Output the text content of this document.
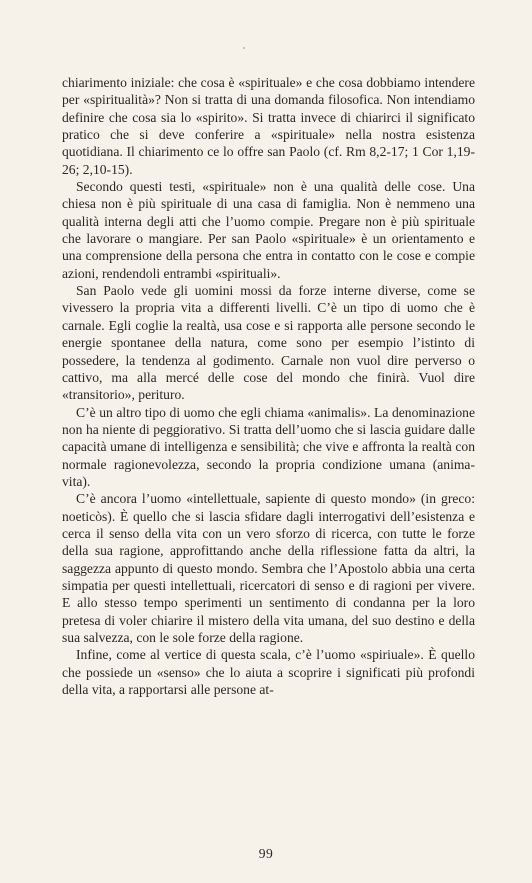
chiarimento iniziale: che cosa è «spirituale» e che cosa dobbiamo intendere per «spiritualità»? Non si tratta di una domanda filosofica. Non intendiamo definire che cosa sia lo «spirito». Si tratta invece di chiarirci il significato pratico che si deve conferire a «spirituale» nella nostra esistenza quotidiana. Il chiarimento ce lo offre san Paolo (cf. Rm 8,2-17; 1 Cor 1,19-26; 2,10-15).

Secondo questi testi, «spirituale» non è una qualità delle cose. Una chiesa non è più spirituale di una casa di famiglia. Non è nemmeno una qualità interna degli atti che l’uomo compie. Pregare non è più spirituale che lavorare o mangiare. Per san Paolo «spirituale» è un orientamento e una comprensione della persona che entra in contatto con le cose e compie azioni, rendendoli entrambi «spirituali».

San Paolo vede gli uomini mossi da forze interne diverse, come se vivessero la propria vita a differenti livelli. C’è un tipo di uomo che è carnale. Egli coglie la realtà, usa cose e si rapporta alle persone secondo le energie spontanee della natura, come sono per esempio l’istinto di possedere, la tendenza al godimento. Carnale non vuol dire perverso o cattivo, ma alla mercé delle cose del mondo che finirà. Vuol dire «transitorio», perituro.

C’è un altro tipo di uomo che egli chiama «animalis». La denominazione non ha niente di peggiorativo. Si tratta dell’uomo che si lascia guidare dalle capacità umane di intelligenza e sensibilità; che vive e affronta la realtà con normale ragionevolezza, secondo la propria condizione umana (anima-vita).

C’è ancora l’uomo «intellettuale, sapiente di questo mondo» (in greco: noeticòs). È quello che si lascia sfidare dagli interrogativi dell’esistenza e cerca il senso della vita con un vero sforzo di ricerca, con tutte le forze della sua ragione, approfittando anche della riflessione fatta da altri, la saggezza appunto di questo mondo. Sembra che l’Apostolo abbia una certa simpatia per questi intellettuali, ricercatori di senso e di ragioni per vivere. E allo stesso tempo sperimenti un sentimento di condanna per la loro pretesa di voler chiarire il mistero della vita umana, del suo destino e della sua salvezza, con le sole forze della ragione.

Infine, come al vertice di questa scala, c’è l’uomo «spiriuale». È quello che possiede un «senso» che lo aiuta a scoprire i significati più profondi della vita, a rapportarsi alle persone at-

99
